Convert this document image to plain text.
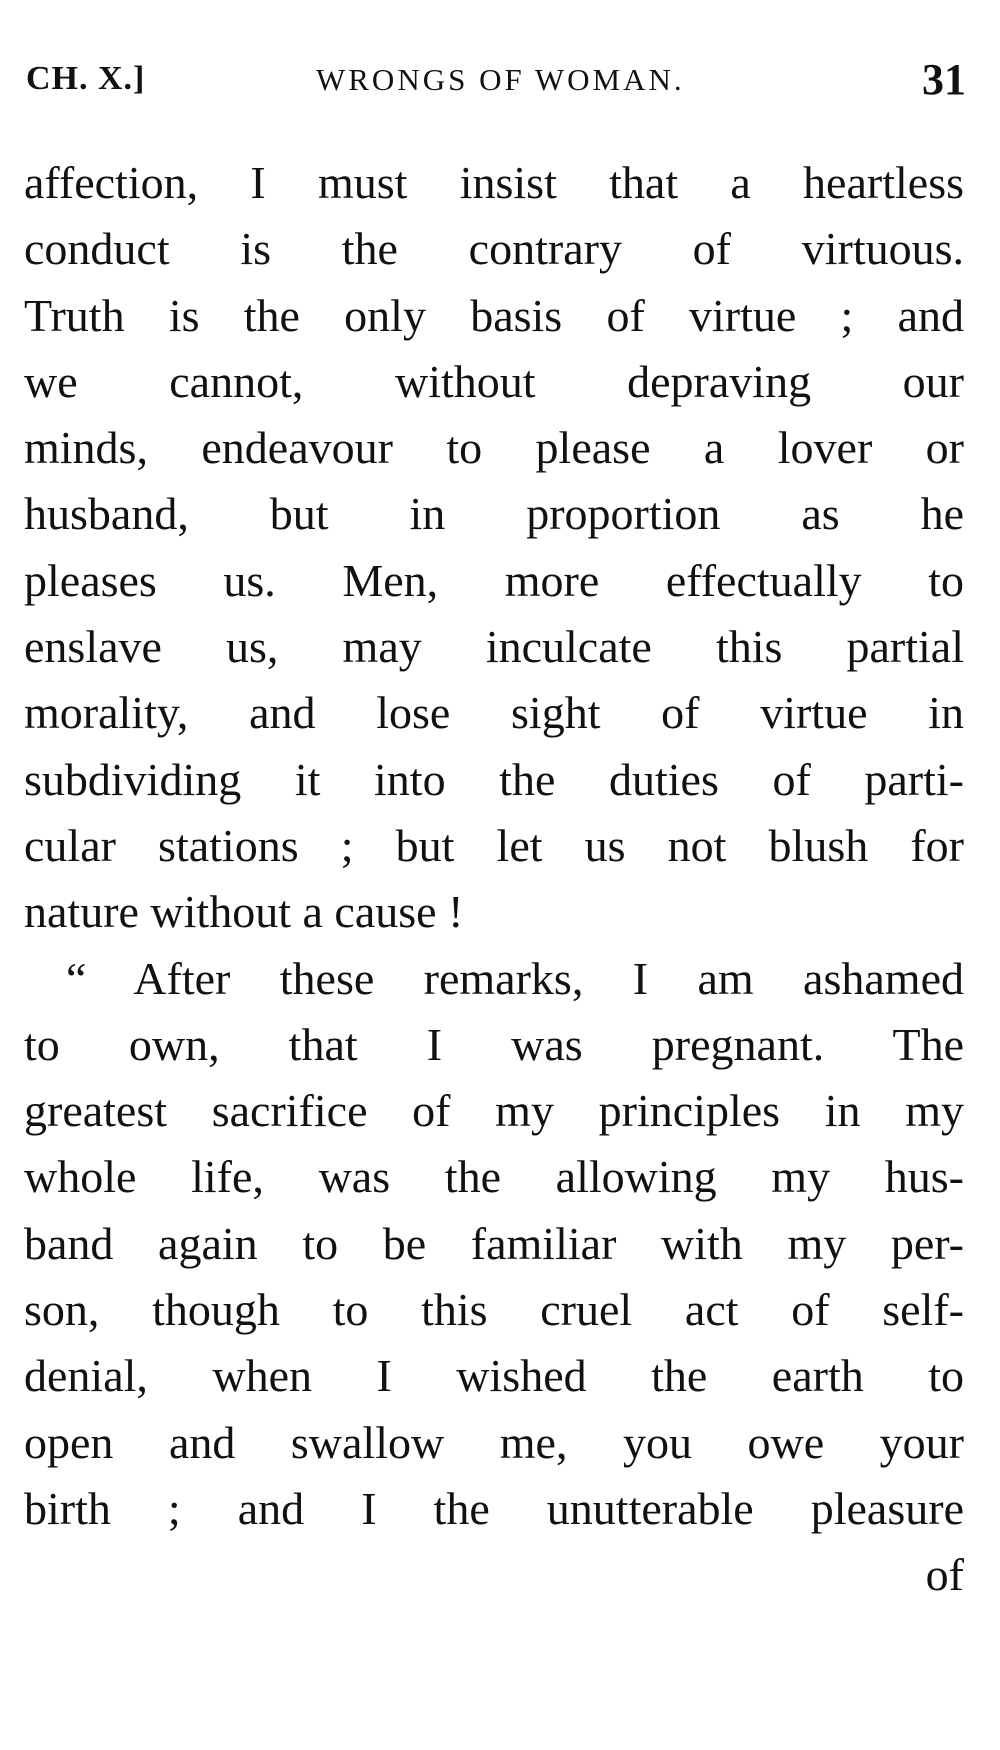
CH. X.]	WRONGS OF WOMAN.	31
affection, I must insist that a heartless
conduct is the contrary of virtuous.
Truth is the only basis of virtue ; and
we cannot, without depraving our
minds, endeavour to please a lover or
husband, but in proportion as he
pleases us. Men, more effectually to
enslave us, may inculcate this partial
morality, and lose sight of virtue in
subdividing it into the duties of parti-
cular stations ; but let us not blush for
nature without a cause !
“ After these remarks, I am ashamed
to own, that I was pregnant. The
greatest sacrifice of my principles in my
whole life, was the allowing my hus-
band again to be familiar with my per-
son, though to this cruel act of self-
denial, when I wished the earth to
open and swallow me, you owe your
birth ; and I the unutterable pleasure
of
